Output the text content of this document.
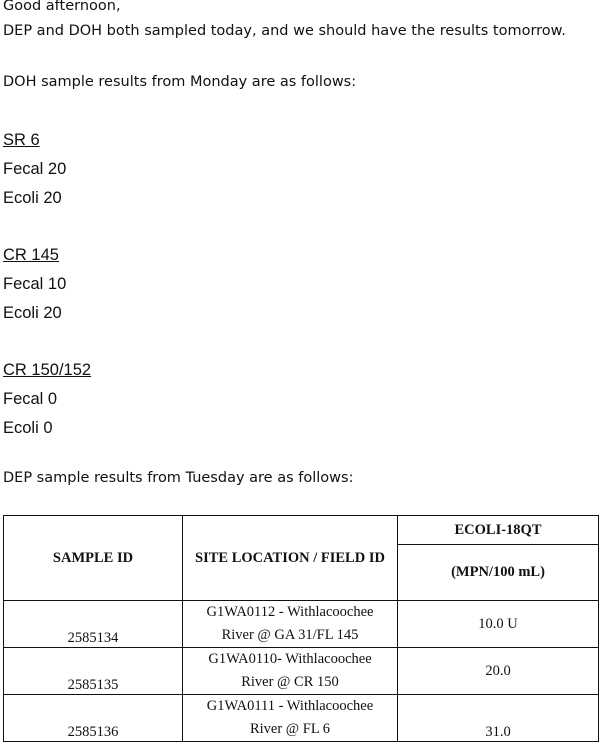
Good afternoon,

DEP and DOH both sampled today, and we should have the results tomorrow.

DOH sample results from Monday are as follows:

SR 6

Fecal 20

Ecoli 20

CR 145

Fecal 10

Ecoli 20

CR 150/152

Fecal 0

Ecoli 0

DEP sample results from Tuesday are as follows:

SAMPLE ID	SITE LOCATION / FIELD ID	ECOLI-18QT
		(MPN/100 mL)
2585134	G1WA0112 - Withlacoochee
River @ GA 31/FL 145	10.0 U
2585135	G1WA0110- Withlacoochee
River @ CR 150	20.0
2585136	G1WA0111 - Withlacoochee
River @ FL 6	31.0
